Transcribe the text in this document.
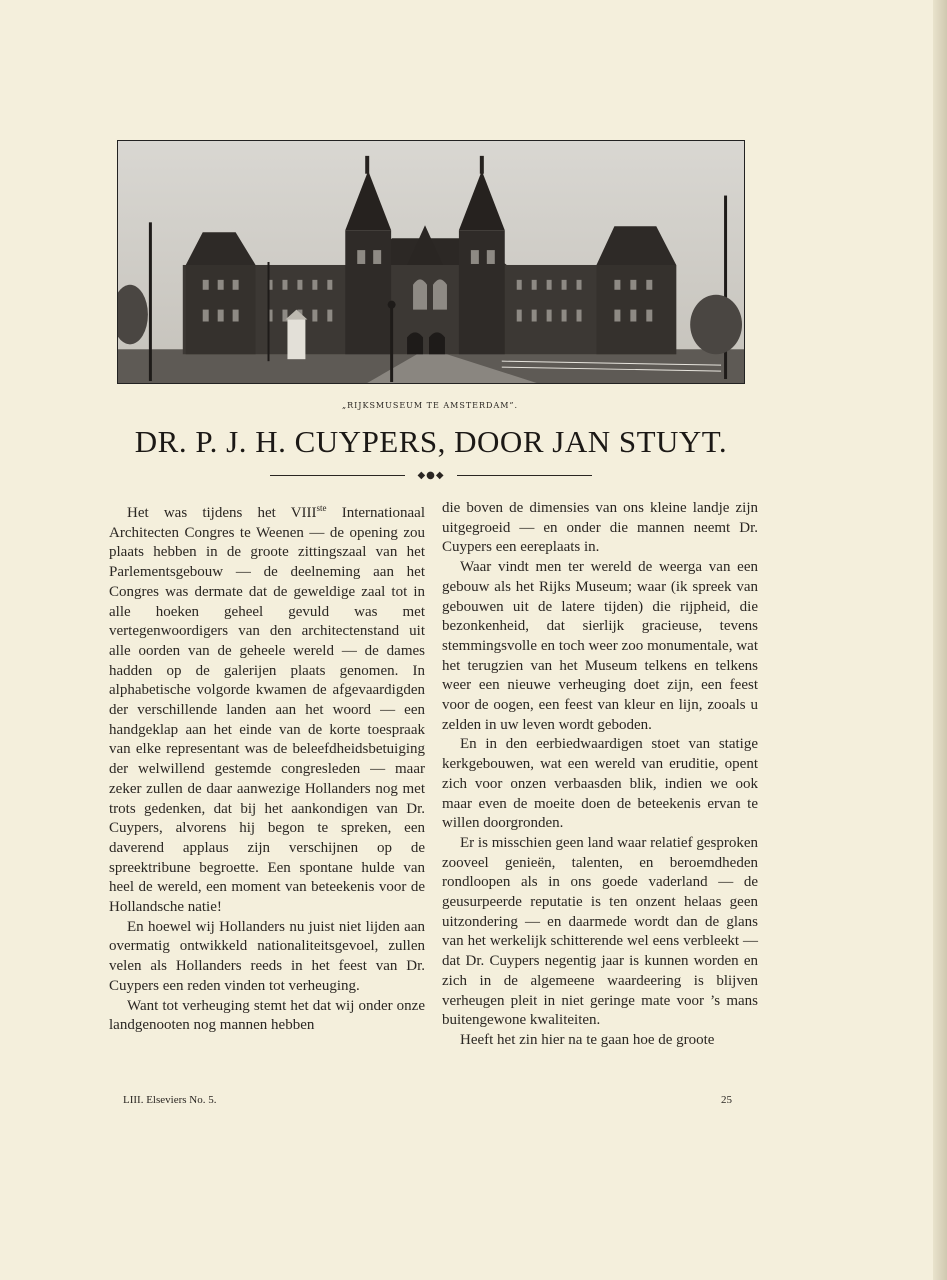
„RIJKSMUSEUM TE AMSTERDAM”.
DR. P. J. H. CUYPERS, DOOR JAN STUYT.
◆●◆

Het was tijdens het VIIIste Internationaal Architecten Congres te Weenen — de opening zou plaats hebben in de groote zittingszaal van het Parlementsgebouw — de deelneming aan het Congres was dermate dat de geweldige zaal tot in alle hoeken geheel gevuld was met vertegenwoordigers van den architectenstand uit alle oorden van de geheele wereld — de dames hadden op de galerijen plaats genomen. In alphabetische volgorde kwamen de afgevaardigden der verschillende landen aan het woord — een handgeklap aan het einde van de korte toespraak van elke representant was de beleefdheidsbetuiging der welwillend gestemde congresleden — maar zeker zullen de daar aanwezige Hollanders nog met trots gedenken, dat bij het aankondigen van Dr. Cuypers, alvorens hij begon te spreken, een daverend applaus zijn verschijnen op de spreektribune begroette. Een spontane hulde van heel de wereld, een moment van beteekenis voor de Hollandsche natie!

En hoewel wij Hollanders nu juist niet lijden aan overmatig ontwikkeld nationaliteitsgevoel, zullen velen als Hollanders reeds in het feest van Dr. Cuypers een reden vinden tot verheuging.

Want tot verheuging stemt het dat wij onder onze landgenooten nog mannen hebben

die boven de dimensies van ons kleine landje zijn uitgegroeid — en onder die mannen neemt Dr. Cuypers een eereplaats in.

Waar vindt men ter wereld de weerga van een gebouw als het Rijks Museum; waar (ik spreek van gebouwen uit de latere tijden) die rijpheid, die bezonkenheid, dat sierlijk gracieuse, tevens stemmingsvolle en toch weer zoo monumentale, wat het terugzien van het Museum telkens en telkens weer een nieuwe verheuging doet zijn, een feest voor de oogen, een feest van kleur en lijn, zooals u zelden in uw leven wordt geboden.

En in den eerbiedwaardigen stoet van statige kerkgebouwen, wat een wereld van eruditie, opent zich voor onzen verbaasden blik, indien we ook maar even de moeite doen de beteekenis ervan te willen doorgronden.

Er is misschien geen land waar relatief gesproken zooveel genieën, talenten, en beroemdheden rondloopen als in ons goede vaderland — de geusurpeerde reputatie is ten onzent helaas geen uitzondering — en daarmede wordt dan de glans van het werkelijk schitterende wel eens verbleekt — dat Dr. Cuypers negentig jaar is kunnen worden en zich in de algemeene waardeering is blijven verheugen pleit in niet geringe mate voor ’s mans buitengewone kwaliteiten.

Heeft het zin hier na te gaan hoe de groote

LIII. Elseviers No. 5.	25
